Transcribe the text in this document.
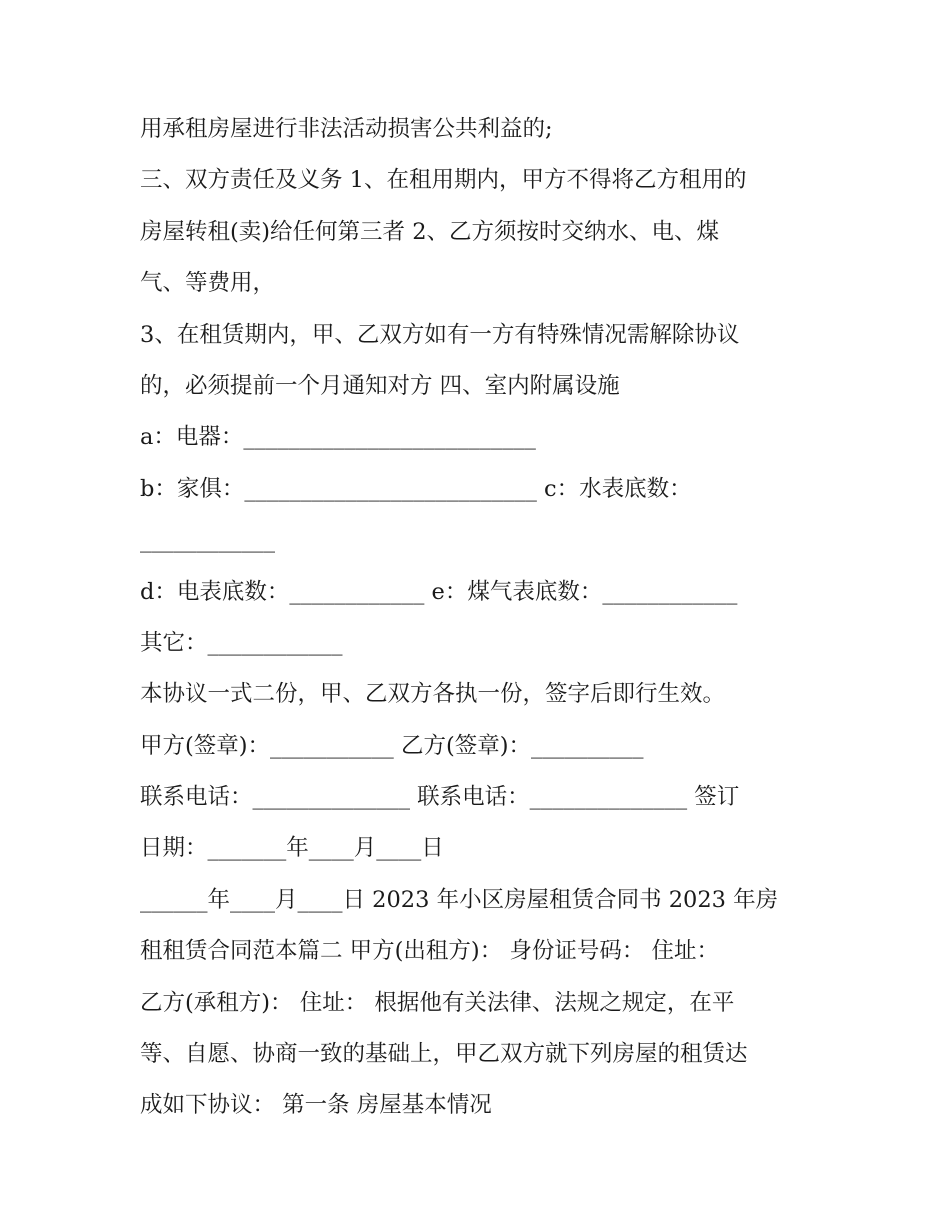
用承租房屋进行非法活动损害公共利益的;
三、双方责任及义务 1、在租用期内，甲方不得将乙方租用的
房屋转租(卖)给任何第三者 2、乙方须按时交纳水、电、煤
气、等费用，
3、在租赁期内，甲、乙双方如有一方有特殊情况需解除协议
的，必须提前一个月通知对方 四、室内附属设施
a：电器：__________________________
b：家俱：__________________________ c：水表底数：
____________
d：电表底数：____________ e：煤气表底数：____________
其它：____________
本协议一式二份，甲、乙双方各执一份，签字后即行生效。
甲方(签章)：___________ 乙方(签章)：__________
联系电话：______________ 联系电话：______________ 签订
日期：_______年____月____日
______年____月____日 2023 年小区房屋租赁合同书 2023 年房
租租赁合同范本篇二 甲方(出租方)： 身份证号码： 住址：
乙方(承租方)： 住址： 根据他有关法律、法规之规定，在平
等、自愿、协商一致的基础上，甲乙双方就下列房屋的租赁达
成如下协议： 第一条 房屋基本情况
